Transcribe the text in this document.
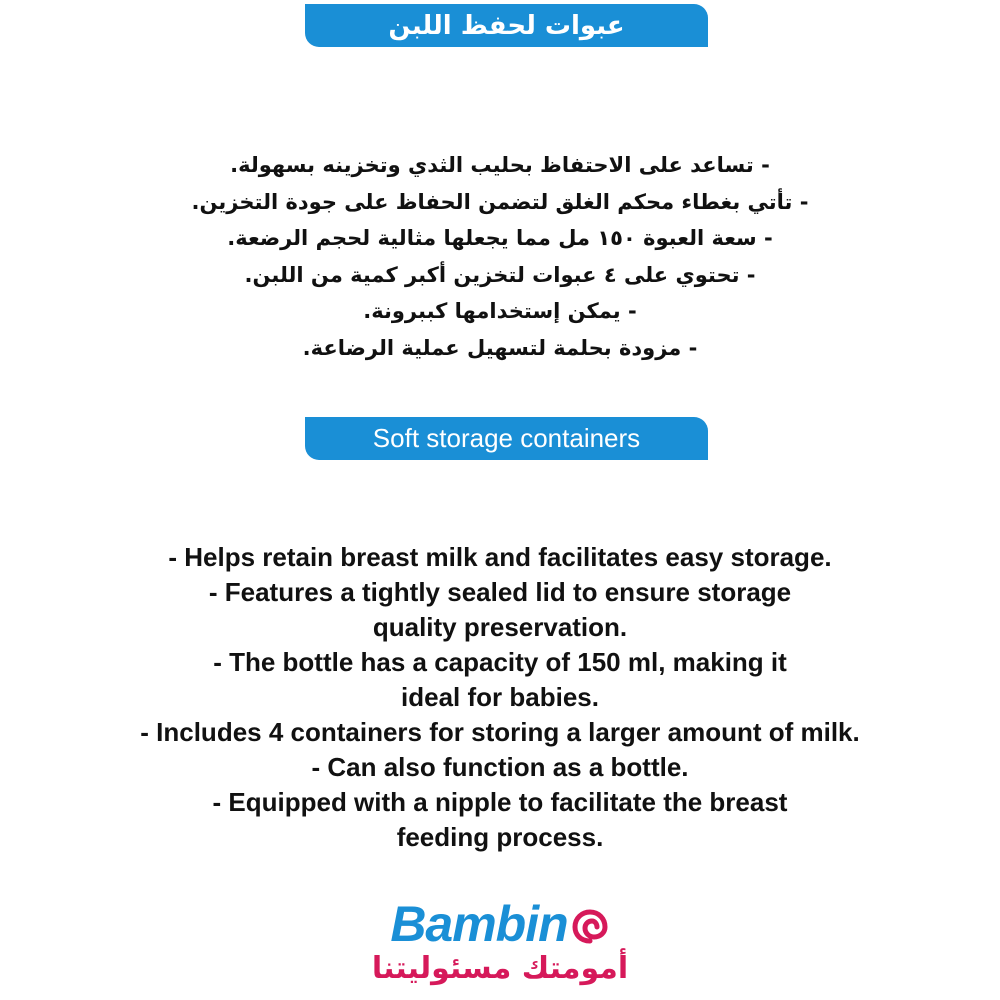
عبوات لحفظ اللبن
- تساعد على الاحتفاظ بحليب الثدي وتخزينه بسهولة.
- تأتي بغطاء محكم الغلق لتضمن الحفاظ على جودة التخزين.
- سعة العبوة ١٥٠ مل مما يجعلها مثالية لحجم الرضعة.
- تحتوي على ٤ عبوات لتخزين أكبر كمية من اللبن.
- يمكن إستخدامها كببرونة.
- مزودة بحلمة لتسهيل عملية الرضاعة.
Soft storage containers
- Helps retain breast milk and facilitates easy storage.
- Features a tightly sealed lid to ensure storage quality preservation.
- The bottle has a capacity of 150 ml, making it ideal for babies.
- Includes 4 containers for storing a larger amount of milk.
- Can also function as a bottle.
- Equipped with a nipple to facilitate the breast feeding process.
Bambin
أمومتك مسئوليتنا
